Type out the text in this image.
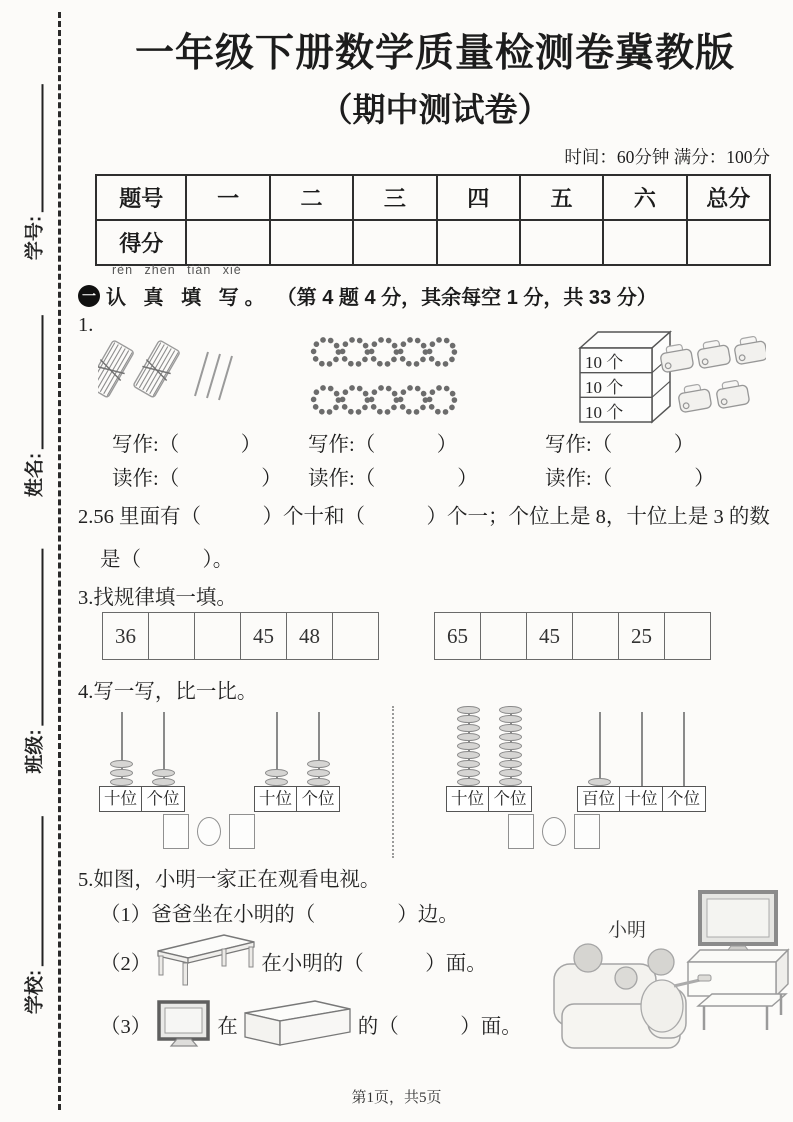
学号:
姓名:
班级:
学校:
一年级下册数学质量检测卷冀教版
（期中测试卷）
时间：60分钟 满分：100分
题号	一	二	三	四	五	六	总分
得分							
rèn zhēn tián xiě
一 认 真 填 写。 （第 4 题 4 分，其余每空 1 分，共 33 分）
1.
10 个
10 个
10 个
写作:（　　　） 写作:（　　　）	写作:（　　　）
读作:（　　　　） 读作:（　　　　）	读作:（　　　　）
2.56 里面有（　　　）个十和（　　　）个一；个位上是 8，十位上是 3 的数
是（　　　）。
3.找规律填一填。
36			45	48		65		45		25	
4.写一写，比一比。
十位 个位	十位 个位	十位 个位	百位 十位 个位
5.如图，小明一家正在观看电视。
（1）爸爸坐在小明的（　　　　）边。
（2）	在小明的（　　　）面。
（3）	在	的（　　　）面。
小明
第1页，共5页
